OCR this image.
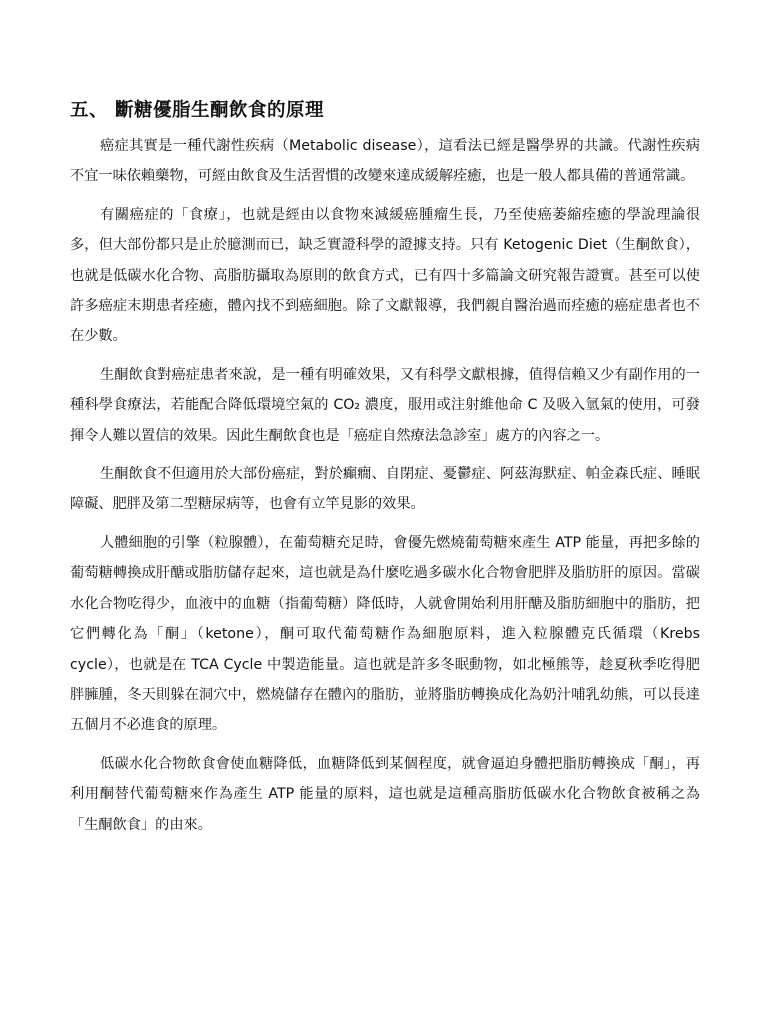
五、 斷糖優脂生酮飲食的原理

癌症其實是一種代謝性疾病（Metabolic disease），這看法已經是醫學界的共識。代謝性疾病不宜一味依賴藥物，可經由飲食及生活習慣的改變來達成緩解痊癒，也是一般人都具備的普通常識。

有關癌症的「食療」，也就是經由以食物來減緩癌腫瘤生長，乃至使癌萎縮痊癒的學說理論很多，但大部份都只是止於臆測而已，缺乏實證科學的證據支持。只有 Ketogenic Diet（生酮飲食），也就是低碳水化合物、高脂肪攝取為原則的飲食方式，已有四十多篇論文研究報告證實。甚至可以使許多癌症末期患者痊癒，體內找不到癌細胞。除了文獻報導，我們親自醫治過而痊癒的癌症患者也不在少數。

生酮飲食對癌症患者來說，是一種有明確效果，又有科學文獻根據，值得信賴又少有副作用的一種科學食療法，若能配合降低環境空氣的 CO₂ 濃度，服用或注射維他命 C 及吸入氫氣的使用，可發揮令人難以置信的效果。因此生酮飲食也是「癌症自然療法急診室」處方的內容之一。

生酮飲食不但適用於大部份癌症，對於癲癇、自閉症、憂鬱症、阿茲海默症、帕金森氏症、睡眠障礙、肥胖及第二型糖尿病等，也會有立竿見影的效果。

人體細胞的引擎（粒腺體），在葡萄糖充足時，會優先燃燒葡萄糖來產生 ATP 能量，再把多餘的葡萄糖轉換成肝醣或脂肪儲存起來，這也就是為什麼吃過多碳水化合物會肥胖及脂肪肝的原因。當碳水化合物吃得少，血液中的血糖（指葡萄糖）降低時，人就會開始利用肝醣及脂肪細胞中的脂肪，把它們轉化為「酮」（ketone），酮可取代葡萄糖作為細胞原料，進入粒腺體克氏循環（Krebs cycle），也就是在 TCA Cycle 中製造能量。這也就是許多冬眠動物，如北極熊等，趁夏秋季吃得肥胖臃腫，冬天則躲在洞穴中，燃燒儲存在體內的脂肪，並將脂肪轉換成化為奶汁哺乳幼熊，可以長達五個月不必進食的原理。

低碳水化合物飲食會使血糖降低，血糖降低到某個程度，就會逼迫身體把脂肪轉換成「酮」，再利用酮替代葡萄糖來作為產生 ATP 能量的原料，這也就是這種高脂肪低碳水化合物飲食被稱之為「生酮飲食」的由來。
